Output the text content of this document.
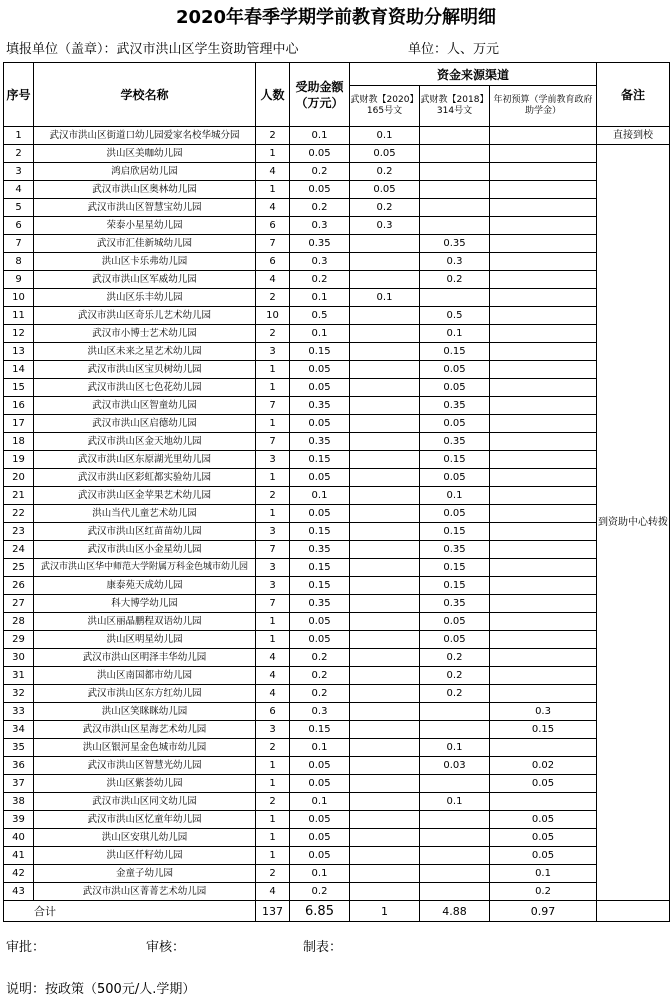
2020年春季学期学前教育资助分解明细
填报单位（盖章）：武汉市洪山区学生资助管理中心	单位：人、万元
序号	学校名称	人数	受助金额（万元）	资金来源渠道			备注
				武财教【2020】165号文	武财教【2018】314号文	年初预算（学前教育政府助学金）	
1	武汉市洪山区街道口幼儿园爱家名校华城分园	2	0.1	0.1			直接到校
2	洪山区美咖幼儿园	1	0.05	0.05			到资助中心转拨
3	鸿启欣居幼儿园	4	0.2	0.2			
4	武汉市洪山区奥林幼儿园	1	0.05	0.05			
5	武汉市洪山区智慧宝幼儿园	4	0.2	0.2			
6	荣泰小星星幼儿园	6	0.3	0.3			
7	武汉市汇佳新城幼儿园	7	0.35		0.35		
8	洪山区卡乐弗幼儿园	6	0.3		0.3		
9	武汉市洪山区军威幼儿园	4	0.2		0.2		
10	洪山区乐丰幼儿园	2	0.1	0.1			
11	武汉市洪山区奇乐儿艺术幼儿园	10	0.5		0.5		
12	武汉市小博士艺术幼儿园	2	0.1		0.1		
13	洪山区未来之星艺术幼儿园	3	0.15		0.15		
14	武汉市洪山区宝贝树幼儿园	1	0.05		0.05		
15	武汉市洪山区七色花幼儿园	1	0.05		0.05		
16	武汉市洪山区智童幼儿园	7	0.35		0.35		
17	武汉市洪山区启德幼儿园	1	0.05		0.05		
18	武汉市洪山区金天地幼儿园	7	0.35		0.35		
19	武汉市洪山区东原湖光里幼儿园	3	0.15		0.15		
20	武汉市洪山区彩虹都实验幼儿园	1	0.05		0.05		
21	武汉市洪山区金苹果艺术幼儿园	2	0.1		0.1		
22	洪山当代儿童艺术幼儿园	1	0.05		0.05		
23	武汉市洪山区红苗苗幼儿园	3	0.15		0.15		
24	武汉市洪山区小金星幼儿园	7	0.35		0.35		
25	武汉市洪山区华中师范大学附属万科金色城市幼儿园	3	0.15		0.15		
26	康泰苑天成幼儿园	3	0.15		0.15		
27	科大博学幼儿园	7	0.35		0.35		
28	洪山区丽晶鹏程双语幼儿园	1	0.05		0.05		
29	洪山区明星幼儿园	1	0.05		0.05		
30	武汉市洪山区明泽丰华幼儿园	4	0.2		0.2		
31	洪山区南国都市幼儿园	4	0.2		0.2		
32	武汉市洪山区东方红幼儿园	4	0.2		0.2		
33	洪山区笑眯眯幼儿园	6	0.3			0.3	
34	武汉市洪山区星海艺术幼儿园	3	0.15			0.15	
35	洪山区银河星金色城市幼儿园	2	0.1		0.1		
36	武汉市洪山区智慧光幼儿园	1	0.05		0.03	0.02	
37	洪山区紫荟幼儿园	1	0.05			0.05	
38	武汉市洪山区同文幼儿园	2	0.1		0.1		
39	武汉市洪山区忆童年幼儿园	1	0.05			0.05	
40	洪山区安琪儿幼儿园	1	0.05			0.05	
41	洪山区仟籽幼儿园	1	0.05			0.05	
42	金童子幼儿园	2	0.1			0.1	
43	武汉市洪山区菁菁艺术幼儿园	4	0.2			0.2	
合计		137	6.85	1	4.88	0.97	
审批：	审核：	制表：
说明：按政策（500元/人.学期）
